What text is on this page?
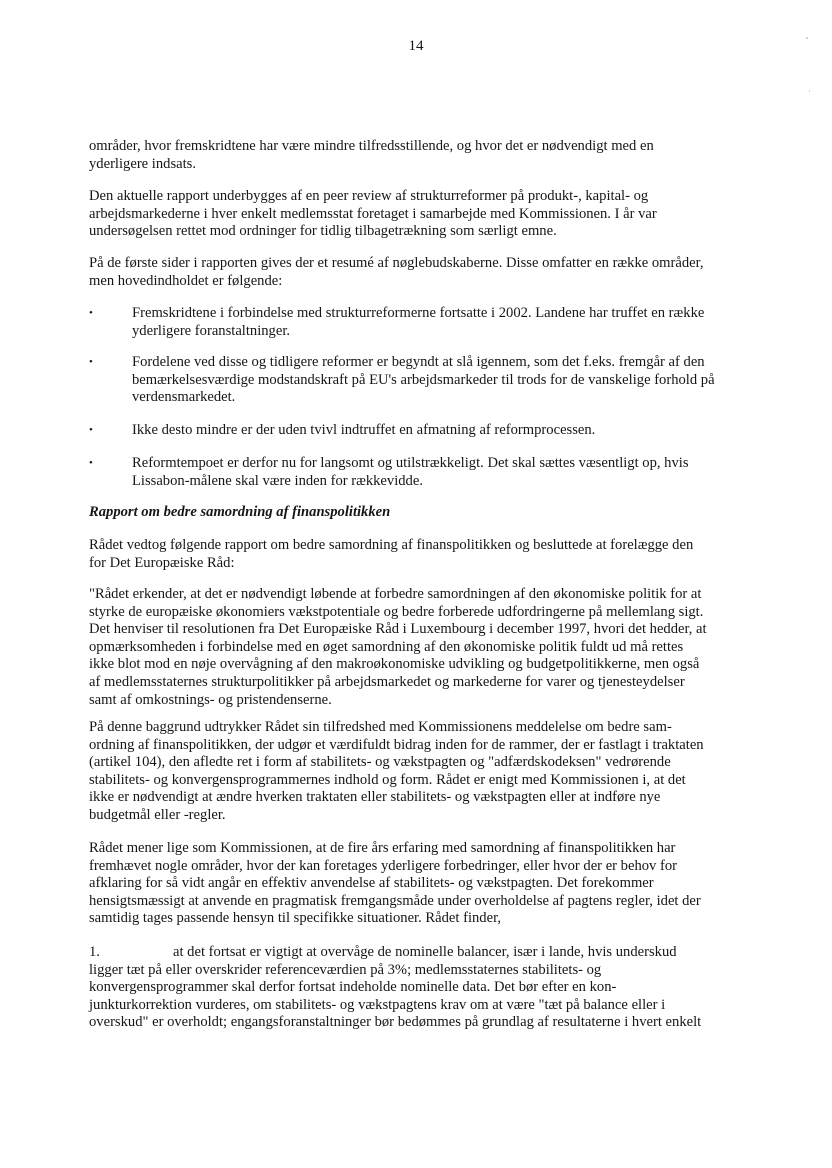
14

områder, hvor fremskridtene har være mindre tilfredsstillende, og hvor det er nødvendigt med en
yderligere indsats.

Den aktuelle rapport underbygges af en peer review af strukturreformer på produkt-, kapital- og
arbejdsmarkederne i hver enkelt medlemsstat foretaget i samarbejde med Kommissionen. I år var
undersøgelsen rettet mod ordninger for tidlig tilbagetrækning som særligt emne.

På de første sider i rapporten gives der et resumé af nøglebudskaberne. Disse omfatter en række områder,
men hovedindholdet er følgende:

•	Fremskridtene i forbindelse med strukturreformerne fortsatte i 2002. Landene har truffet en række
yderligere foranstaltninger.
•	Fordelene ved disse og tidligere reformer er begyndt at slå igennem, som det f.eks. fremgår af den
bemærkelsesværdige modstandskraft på EU's arbejdsmarkeder til trods for de vanskelige forhold på
verdensmarkedet.
•	Ikke desto mindre er der uden tvivl indtruffet en afmatning af reformprocessen.
•	Reformtempoet er derfor nu for langsomt og utilstrækkeligt. Det skal sættes væsentligt op, hvis
Lissabon-målene skal være inden for rækkevidde.
Rapport om bedre samordning af finanspolitikken

Rådet vedtog følgende rapport om bedre samordning af finanspolitikken og besluttede at forelægge den
for Det Europæiske Råd:

"Rådet erkender, at det er nødvendigt løbende at forbedre samordningen af den økonomiske politik for at
styrke de europæiske økonomiers vækstpotentiale og bedre forberede udfordringerne på mellemlang sigt.
Det henviser til resolutionen fra Det Europæiske Råd i Luxembourg i december 1997, hvori det hedder, at
opmærksomheden i forbindelse med en øget samordning af den økonomiske politik fuldt ud må rettes
ikke blot mod en nøje overvågning af den makroøkonomiske udvikling og budgetpolitikkerne, men også
af medlemsstaternes strukturpolitikker på arbejdsmarkedet og markederne for varer og tjenesteydelser
samt af omkostnings- og pristendenserne.

På denne baggrund udtrykker Rådet sin tilfredshed med Kommissionens meddelelse om bedre sam-
ordning af finanspolitikken, der udgør et værdifuldt bidrag inden for de rammer, der er fastlagt i traktaten
(artikel 104), den afledte ret i form af stabilitets- og vækstpagten og "adfærdskodeksen" vedrørende
stabilitets- og konvergensprogrammernes indhold og form. Rådet er enigt med Kommissionen i, at det
ikke er nødvendigt at ændre hverken traktaten eller stabilitets- og vækstpagten eller at indføre nye
budgetmål eller -regler.

Rådet mener lige som Kommissionen, at de fire års erfaring med samordning af finanspolitikken har
fremhævet nogle områder, hvor der kan foretages yderligere forbedringer, eller hvor der er behov for
afklaring for så vidt angår en effektiv anvendelse af stabilitets- og vækstpagten. Det forekommer
hensigtsmæssigt at anvende en pragmatisk fremgangsmåde under overholdelse af pagtens regler, idet der
samtidig tages passende hensyn til specifikke situationer. Rådet finder,

1.	at det fortsat er vigtigt at overvåge de nominelle balancer, især i lande, hvis underskud

ligger tæt på eller overskrider referenceværdien på 3%; medlemsstaternes stabilitets- og
konvergensprogrammer skal derfor fortsat indeholde nominelle data. Det bør efter en kon-
junkturkorrektion vurderes, om stabilitets- og vækstpagtens krav om at være "tæt på balance eller i
overskud" er overholdt; engangsforanstaltninger bør bedømmes på grundlag af resultaterne i hvert enkelt
